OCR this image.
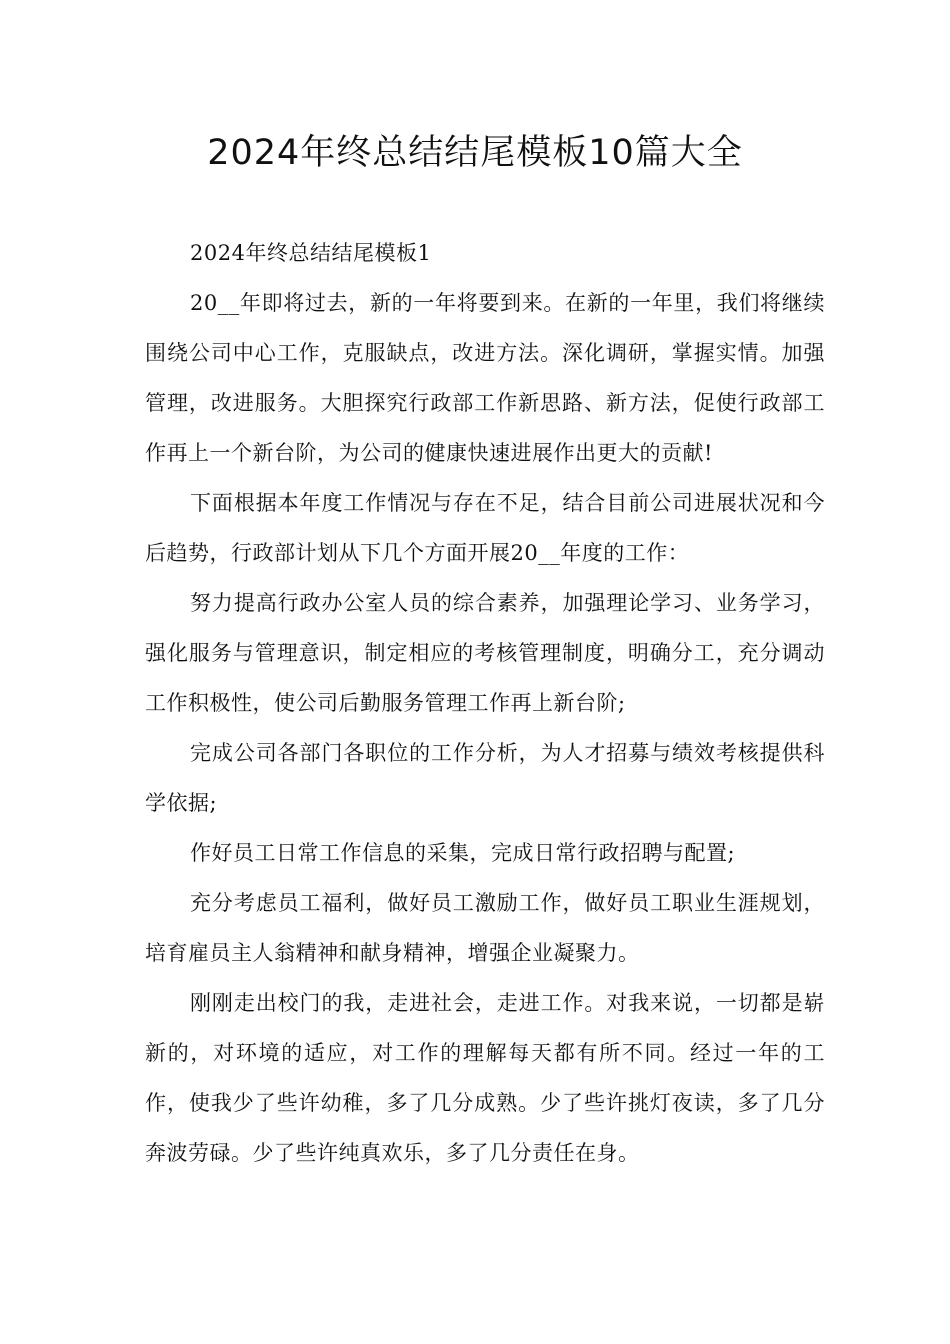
2024年终总结结尾模板10篇大全

2024年终总结结尾模板1

20__年即将过去，新的一年将要到来。在新的一年里，我们将继续围绕公司中心工作，克服缺点，改进方法。深化调研，掌握实情。加强管理，改进服务。大胆探究行政部工作新思路、新方法，促使行政部工作再上一个新台阶，为公司的健康快速进展作出更大的贡献!

下面根据本年度工作情况与存在不足，结合目前公司进展状况和今后趋势，行政部计划从下几个方面开展20__年度的工作：

努力提高行政办公室人员的综合素养，加强理论学习、业务学习，强化服务与管理意识，制定相应的考核管理制度，明确分工，充分调动工作积极性，使公司后勤服务管理工作再上新台阶;

完成公司各部门各职位的工作分析，为人才招募与绩效考核提供科学依据;

作好员工日常工作信息的采集，完成日常行政招聘与配置;

充分考虑员工福利，做好员工激励工作，做好员工职业生涯规划，培育雇员主人翁精神和献身精神，增强企业凝聚力。

刚刚走出校门的我，走进社会，走进工作。对我来说，一切都是崭新的，对环境的适应，对工作的理解每天都有所不同。经过一年的工作，使我少了些许幼稚，多了几分成熟。少了些许挑灯夜读，多了几分奔波劳碌。少了些许纯真欢乐，多了几分责任在身。
